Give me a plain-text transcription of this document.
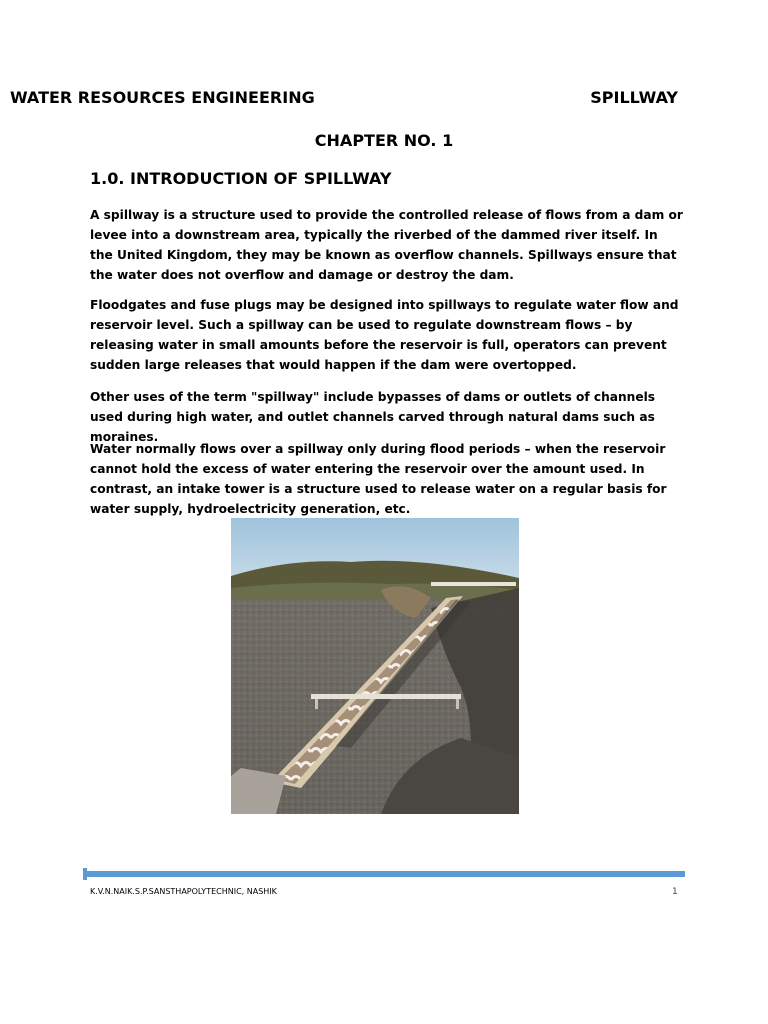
WATER RESOURCES ENGINEERING	SPILLWAY
CHAPTER NO. 1
1.0. INTRODUCTION OF SPILLWAY

A spillway is a structure used to provide the controlled release of flows from a dam or levee into a downstream area, typically the riverbed of the dammed river itself. In the United Kingdom, they may be known as overflow channels. Spillways ensure that the water does not overflow and damage or destroy the dam.

Floodgates and fuse plugs may be designed into spillways to regulate water flow and reservoir level. Such a spillway can be used to regulate downstream flows – by releasing water in small amounts before the reservoir is full, operators can prevent sudden large releases that would happen if the dam were overtopped.

Other uses of the term "spillway" include bypasses of dams or outlets of channels used during high water, and outlet channels carved through natural dams such as moraines.

Water normally flows over a spillway only during flood periods – when the reservoir cannot hold the excess of water entering the reservoir over the amount used. In contrast, an intake tower is a structure used to release water on a regular basis for water supply, hydroelectricity generation, etc.

K.V.N.NAIK.S.P.SANSTHAPOLYTECHNIC, NASHIK	1
